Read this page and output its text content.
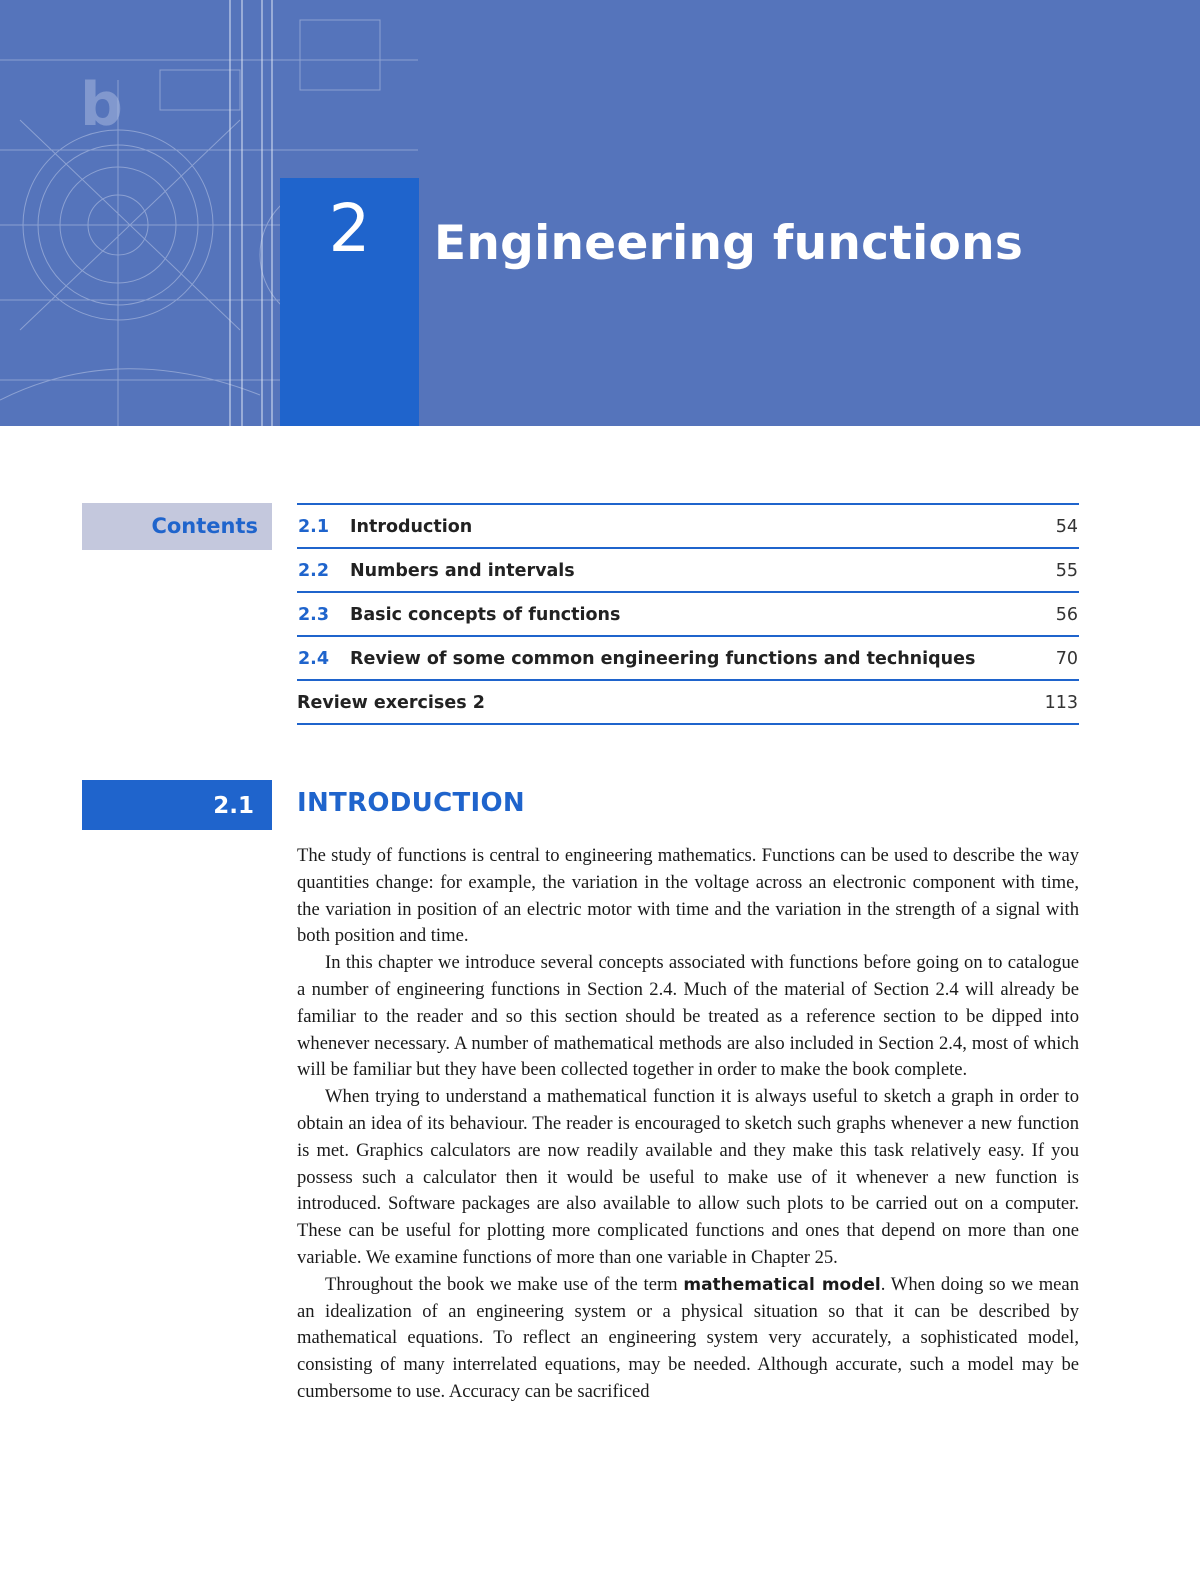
b
2	Engineering functions
Contents	2.1 Introduction	54
2.2 Numbers and intervals	55
2.3 Basic concepts of functions	56
2.4 Review of some common engineering functions and techniques	70
Review exercises 2	113
2.1	INTRODUCTION

The study of functions is central to engineering mathematics. Functions can be used to describe the way quantities change: for example, the variation in the voltage across an electronic component with time, the variation in position of an electric motor with time and the variation in the strength of a signal with both position and time.

In this chapter we introduce several concepts associated with functions before going on to catalogue a number of engineering functions in Section 2.4. Much of the material of Section 2.4 will already be familiar to the reader and so this section should be treated as a reference section to be dipped into whenever necessary. A number of mathematical methods are also included in Section 2.4, most of which will be familiar but they have been collected together in order to make the book complete.

When trying to understand a mathematical function it is always useful to sketch a graph in order to obtain an idea of its behaviour. The reader is encouraged to sketch such graphs whenever a new function is met. Graphics calculators are now readily available and they make this task relatively easy. If you possess such a calculator then it would be useful to make use of it whenever a new function is introduced. Software packages are also available to allow such plots to be carried out on a computer. These can be useful for plotting more complicated functions and ones that depend on more than one variable. We examine functions of more than one variable in Chapter 25.

Throughout the book we make use of the term mathematical model. When doing so we mean an idealization of an engineering system or a physical situation so that it can be described by mathematical equations. To reflect an engineering system very accurately, a sophisticated model, consisting of many interrelated equations, may be needed. Although accurate, such a model may be cumbersome to use. Accuracy can be sacrificed
